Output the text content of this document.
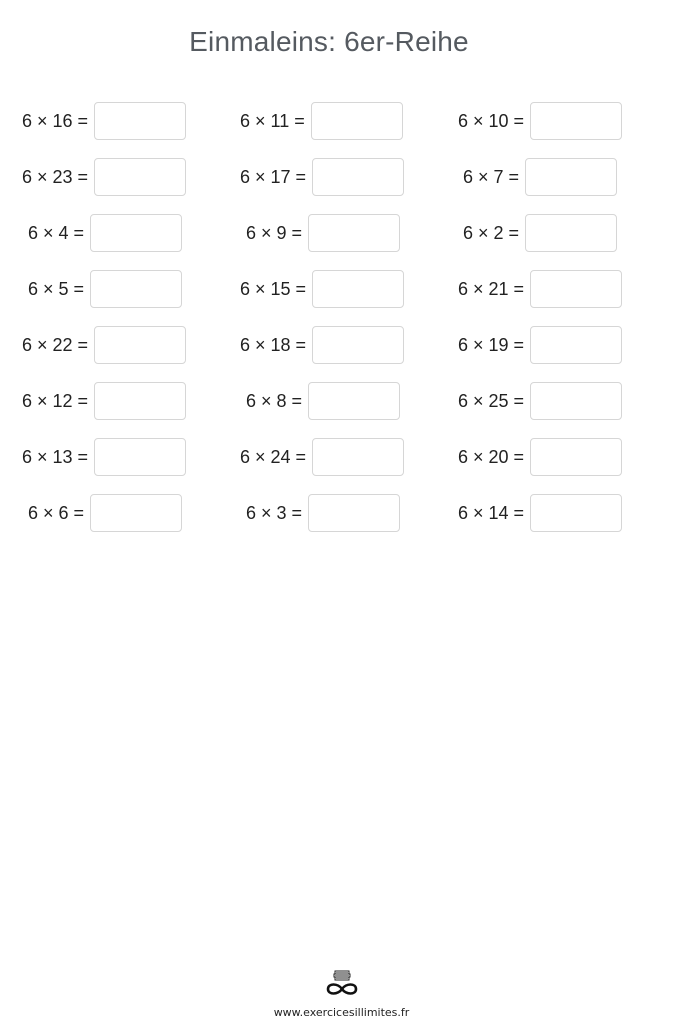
Einmaleins: 6er-Reihe
6 × 16 =	6 × 11 =	6 × 10 =
6 × 23 =	6 × 17 =	6 × 7 =
6 × 4 =	6 × 9 =	6 × 2 =
6 × 5 =	6 × 15 =	6 × 21 =
6 × 22 =	6 × 18 =	6 × 19 =
6 × 12 =	6 × 8 =	6 × 25 =
6 × 13 =	6 × 24 =	6 × 20 =
6 × 6 =	6 × 3 =	6 × 14 =
www.exercicesillimites.fr
